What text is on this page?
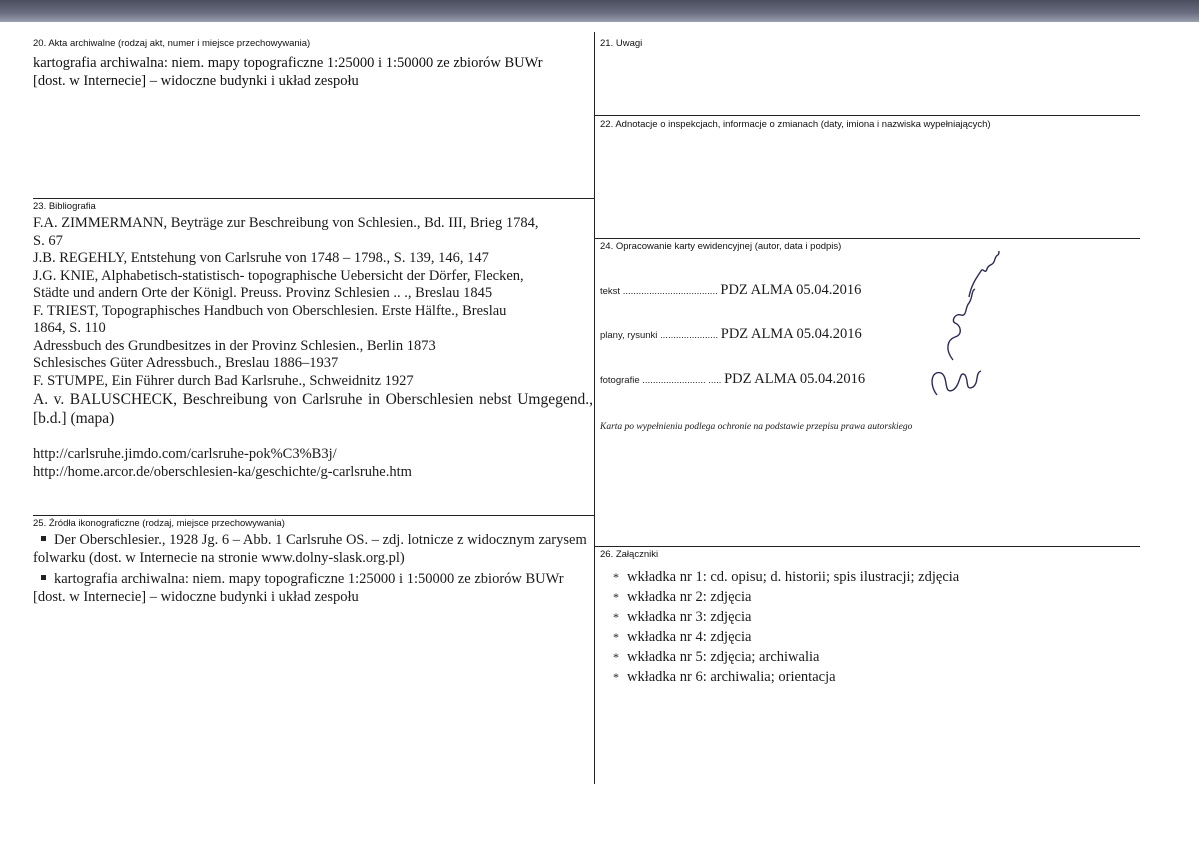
20. Akta archiwalne (rodzaj akt, numer i miejsce przechowywania)

kartografia archiwalna: niem. mapy topograficzne 1:25000 i 1:50000 ze zbiorów BUWr

[dost. w Internecie] – widoczne budynki i układ zespołu

21. Uwagi
22. Adnotacje o inspekcjach, informacje o zmianach (daty, imiona i nazwiska wypełniających)
23. Bibliografia

F.A. ZIMMERMANN, Beyträge zur Beschreibung von Schlesien., Bd. III, Brieg 1784,

S. 67

J.B. REGEHLY, Entstehung von Carlsruhe von 1748 – 1798., S. 139, 146, 147

J.G. KNIE, Alphabetisch-statistisch- topographische Uebersicht der Dörfer, Flecken,

Städte und andern Orte der Königl. Preuss. Provinz Schlesien .. ., Breslau 1845

F. TRIEST, Topographisches Handbuch von Oberschlesien. Erste Hälfte., Breslau

1864, S. 110

Adressbuch des Grundbesitzes in der Provinz Schlesien., Berlin 1873

Schlesisches Güter Adressbuch., Breslau 1886–1937

F. STUMPE, Ein Führer durch Bad Karlsruhe., Schweidnitz 1927

A. v. BALUSCHECK, Beschreibung von Carlsruhe in Oberschlesien nebst Umgegend., [b.d.] (mapa)

http://carlsruhe.jimdo.com/carlsruhe-pok%C3%B3j/

http://home.arcor.de/oberschlesien-ka/geschichte/g-carlsruhe.htm

24. Opracowanie karty ewidencyjnej (autor, data i podpis)
tekst .................................... PDZ ALMA 05.04.2016
plany, rysunki ...................... PDZ ALMA 05.04.2016
fotografie ........................ ..... PDZ ALMA 05.04.2016
Karta po wypełnieniu podlega ochronie na podstawie przepisu prawa autorskiego
25. Źródła ikonograficzne (rodzaj, miejsce przechowywania)

Der Oberschlesier., 1928 Jg. 6 – Abb. 1 Carlsruhe OS. – zdj. lotnicze z widocznym zarysem folwarku (dost. w Internecie na stronie www.dolny-slask.org.pl)

kartografia archiwalna: niem. mapy topograficzne 1:25000 i 1:50000 ze zbiorów BUWr [dost. w Internecie] – widoczne budynki i układ zespołu

26. Załączniki
* wkładka nr 1: cd. opisu; d. historii; spis ilustracji; zdjęcia
* wkładka nr 2: zdjęcia
* wkładka nr 3: zdjęcia
* wkładka nr 4: zdjęcia
* wkładka nr 5: zdjęcia; archiwalia
* wkładka nr 6: archiwalia; orientacja
